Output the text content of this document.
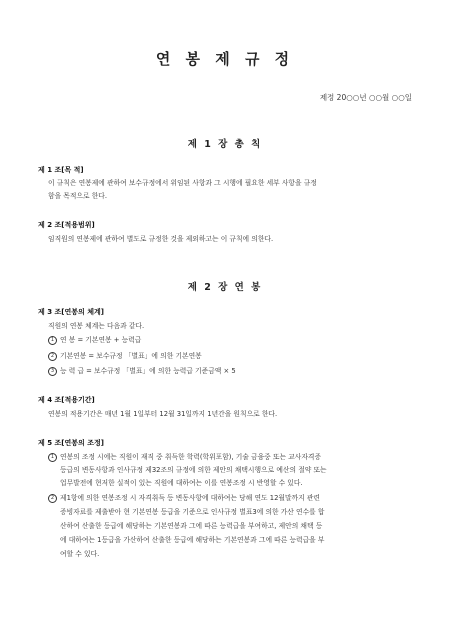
연 봉 제 규 정
제정 20○○년 ○○월 ○○일
제 1 장 총 칙
제 1 조[목 적]
이 규칙은 연봉제에 관하여 보수규정에서 위임된 사항과 그 시행에 필요한 세부 사항을 규정
함을 목적으로 한다.
제 2 조[적용범위]
임직원의 연봉제에 관하여 별도로 규정한 것을 제외하고는 이 규칙에 의한다.
제 2 장 연 봉
제 3 조[연봉의 체계]
직원의 연봉 체계는 다음과 같다.
1 연 봉 = 기본연봉 + 능력급
2 기본연봉 = 보수규정 「별표」에 의한 기본연봉
3 능 력 급 = 보수규정 「별표」에 의한 능력급 기준금액 × 5
제 4 조[적용기간]
연봉의 적용기간은 매년 1월 1일부터 12월 31일까지 1년간을 원칙으로 한다.
제 5 조[연봉의 조정]
1 연봉의 조정 시에는 직원이 재직 중 취득한 학력(학위포함), 기술 금융중 또는 교사자격증
등급의 변동사항과 인사규정 제32조의 규정에 의한 제안의 채택시행으로 예산의 절약 또는
업무발전에 현저한 실적이 있는 직원에 대하여는 이를 연봉조정 시 반영할 수 있다.
2 제1항에 의한 연봉조정 시 자격취득 등 변동사항에 대하여는 당해 연도 12월말까지 관련
증빙자료를 제출받아 현 기본연봉 등급을 기준으로 인사규정 별표3에 의한 가산 연수를 합
산하여 산출한 등급에 해당하는 기본연봉과 그에 따른 능력급을 부여하고, 제안의 채택 등
에 대하여는 1등급을 가산하여 산출한 등급에 해당하는 기본연봉과 그에 따른 능력급을 부
여할 수 있다.
